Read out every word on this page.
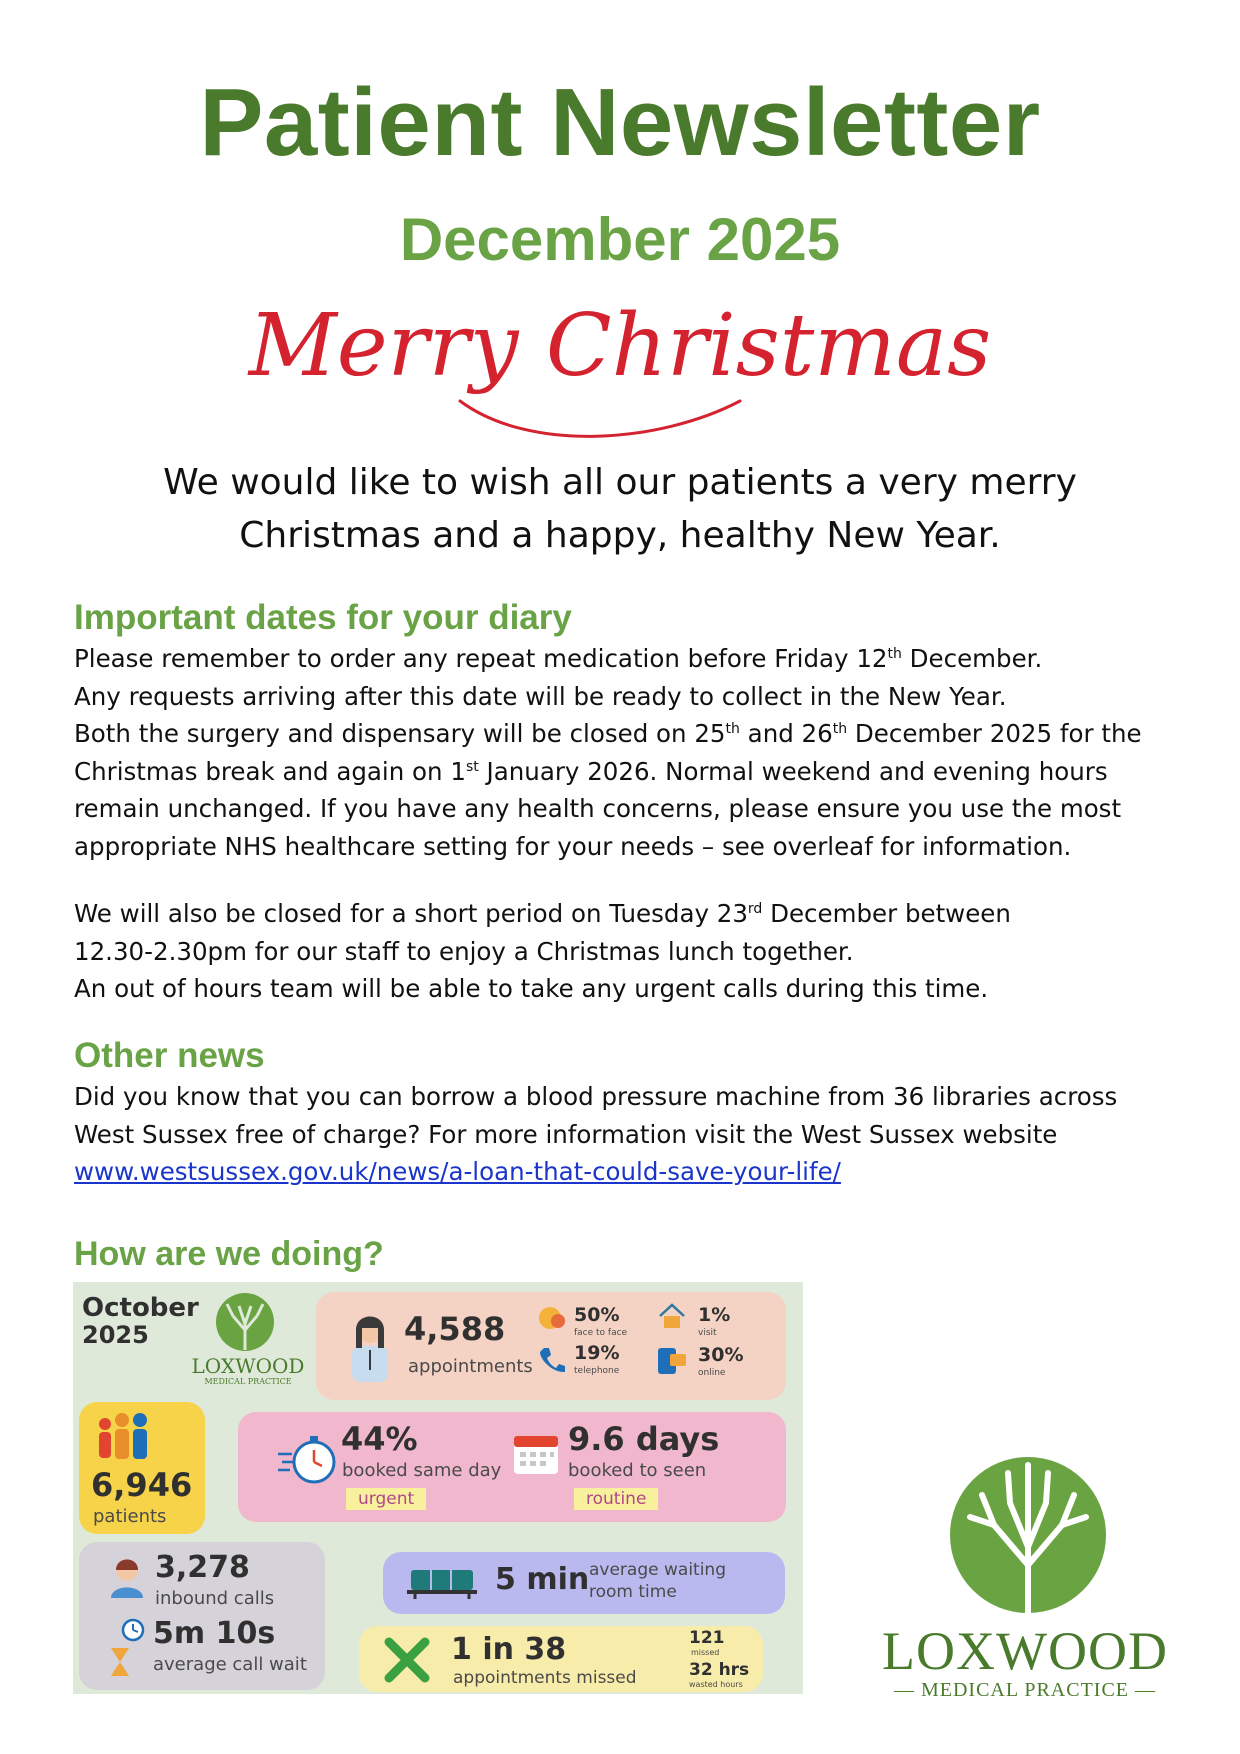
Patient Newsletter
December 2025
Merry Christmas
We would like to wish all our patients a very merry
Christmas and a happy, healthy New Year.
Important dates for your diary
Please remember to order any repeat medication before Friday 12th December.
Any requests arriving after this date will be ready to collect in the New Year.
Both the surgery and dispensary will be closed on 25th and 26th December 2025 for the
Christmas break and again on 1st January 2026. Normal weekend and evening hours
remain unchanged. If you have any health concerns, please ensure you use the most
appropriate NHS healthcare setting for your needs – see overleaf for information.
We will also be closed for a short period on Tuesday 23rd December between
12.30-2.30pm for our staff to enjoy a Christmas lunch together.
An out of hours team will be able to take any urgent calls during this time.
Other news
Did you know that you can borrow a blood pressure machine from 36 libraries across
West Sussex free of charge? For more information visit the West Sussex website
www.westsussex.gov.uk/news/a-loan-that-could-save-your-life/
How are we doing?
October
2025
LOXWOOD
MEDICAL PRACTICE
4,588
appointments
50%
face to face
19%
telephone
1%
visit
30%
online
6,946
patients
44%
booked same day
urgent
9.6 days
booked to seen
routine
3,278
inbound calls
5m 10s
average call wait
5 min average waiting
room time
1 in 38
appointments missed
121
missed
32 hrs
wasted hours
LOXWOOD
— MEDICAL PRACTICE —
